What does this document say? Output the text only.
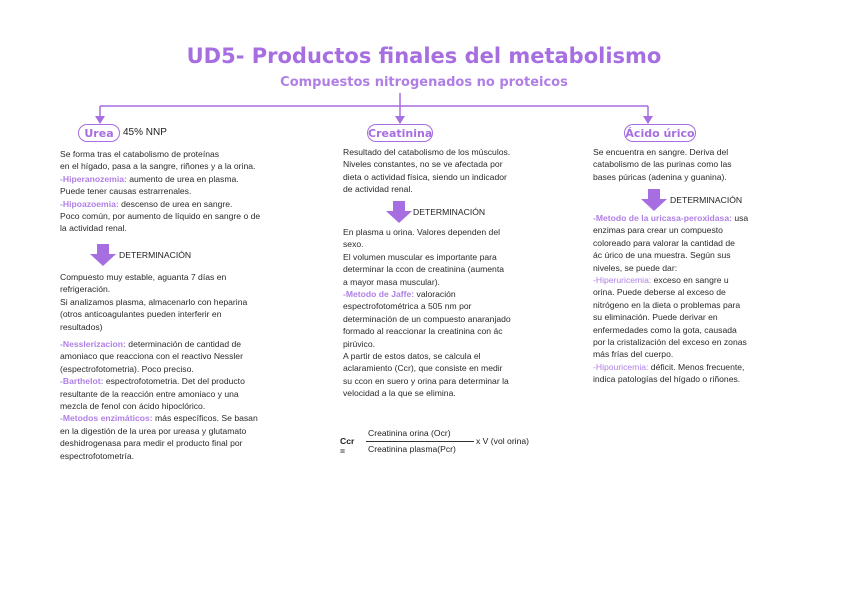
UD5- Productos finales del metabolismo
Compuestos nitrogenados no proteicos
Urea 45% NNP	Creatinina	Ácido úrico

Se forma tras el catabolismo de proteínas

en el hígado, pasa a la sangre, riñones y a la orina.

-Hiperanozemia: aumento de urea en plasma.

Puede tener causas estrarrenales.

-Hipoazoemia: descenso de urea en sangre.

Poco común, por aumento de líquido en sangre o de

la actividad renal.

DETERMINACIÓN

Compuesto muy estable, aguanta 7 días en

refrigeración.

Si analizamos plasma, almacenarlo con heparina

(otros anticoagulantes pueden interferir en

resultados)

-Nesslerizacion: determinación de cantidad de

amoniaco que reacciona con el reactivo Nessler

(espectrofotometria). Poco preciso.

-Barthelot: espectrofotometria. Det del producto

resultante de la reacción entre amoniaco y una

mezcla de fenol con ácido hipoclórico.

-Metodos enzimáticos: más específicos. Se basan

en la digestión de la urea por ureasa y glutamato

deshidrogenasa para medir el producto final por

espectrofotometría.

Resultado del catabolismo de los músculos.

Niveles constantes, no se ve afectada por

dieta o actividad física, siendo un indicador

de actividad renal.

DETERMINACIÓN

En plasma u orina. Valores dependen del

sexo.

El volumen muscular es importante para

determinar la ccon de creatinina (aumenta

a mayor masa muscular).

-Metodo de Jaffe: valoración

espectrofotométrica a 505 nm por

determinación de un compuesto anaranjado

formado al reaccionar la creatinina con ác

pirúvico.

A partir de estos datos, se calcula el

aclaramiento (Ccr), que consiste en medir

su ccon en suero y orina para determinar la

velocidad a la que se elimina.

Ccr =
Creatinina orina (Ocr)
Creatinina plasma(Pcr)
x V (vol orina)

Se encuentra en sangre. Deriva del

catabolismo de las purinas como las

bases púricas (adenina y guanina).

DETERMINACIÓN

-Metodo de la uricasa-peroxidasa: usa

enzimas para crear un compuesto

coloreado para valorar la cantidad de

ác úrico de una muestra. Según sus

niveles, se puede dar:

-Hiperuricemia: exceso en sangre u

orina. Puede deberse al exceso de

nitrógeno en la dieta o problemas para

su eliminación. Puede derivar en

enfermedades como la gota, causada

por la cristalización del exceso en zonas

más frías del cuerpo.

-Hipouricemia: déficit. Menos frecuente,

indica patologías del hígado o riñones.
